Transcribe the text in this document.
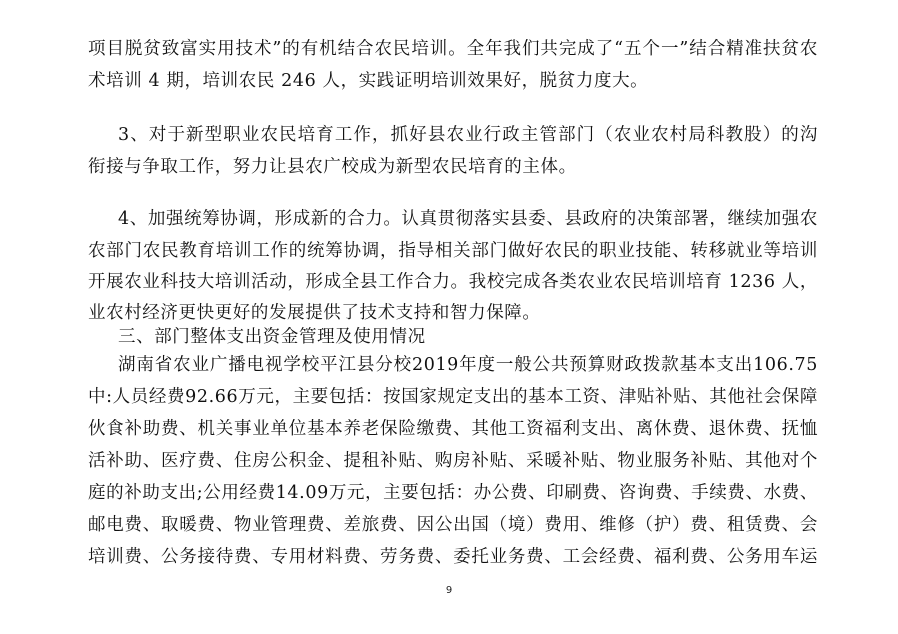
项目脱贫致富实用技术”的有机结合农民培训。全年我们共完成了“五个一”结合精准扶贫农
术培训 4 期，培训农民 246 人，实践证明培训效果好，脱贫力度大。
3、对于新型职业农民培育工作，抓好县农业行政主管部门（农业农村局科教股）的沟
衔接与争取工作，努力让县农广校成为新型农民培育的主体。
4、加强统筹协调，形成新的合力。认真贯彻落实县委、县政府的决策部署，继续加强农
农部门农民教育培训工作的统筹协调，指导相关部门做好农民的职业技能、转移就业等培训
开展农业科技大培训活动，形成全县工作合力。我校完成各类农业农民培训培育 1236 人，
业农村经济更快更好的发展提供了技术支持和智力保障。
三、部门整体支出资金管理及使用情况
湖南省农业广播电视学校平江县分校2019年度一般公共预算财政拨款基本支出106.75
中:人员经费92.66万元，主要包括：按国家规定支出的基本工资、津贴补贴、其他社会保障
伙食补助费、机关事业单位基本养老保险缴费、其他工资福利支出、离休费、退休费、抚恤
活补助、医疗费、住房公积金、提租补贴、购房补贴、采暖补贴、物业服务补贴、其他对个
庭的补助支出;公用经费14.09万元，主要包括：办公费、印刷费、咨询费、手续费、水费、
邮电费、取暖费、物业管理费、差旅费、因公出国（境）费用、维修（护）费、租赁费、会
培训费、公务接待费、专用材料费、劳务费、委托业务费、工会经费、福利费、公务用车运
9
